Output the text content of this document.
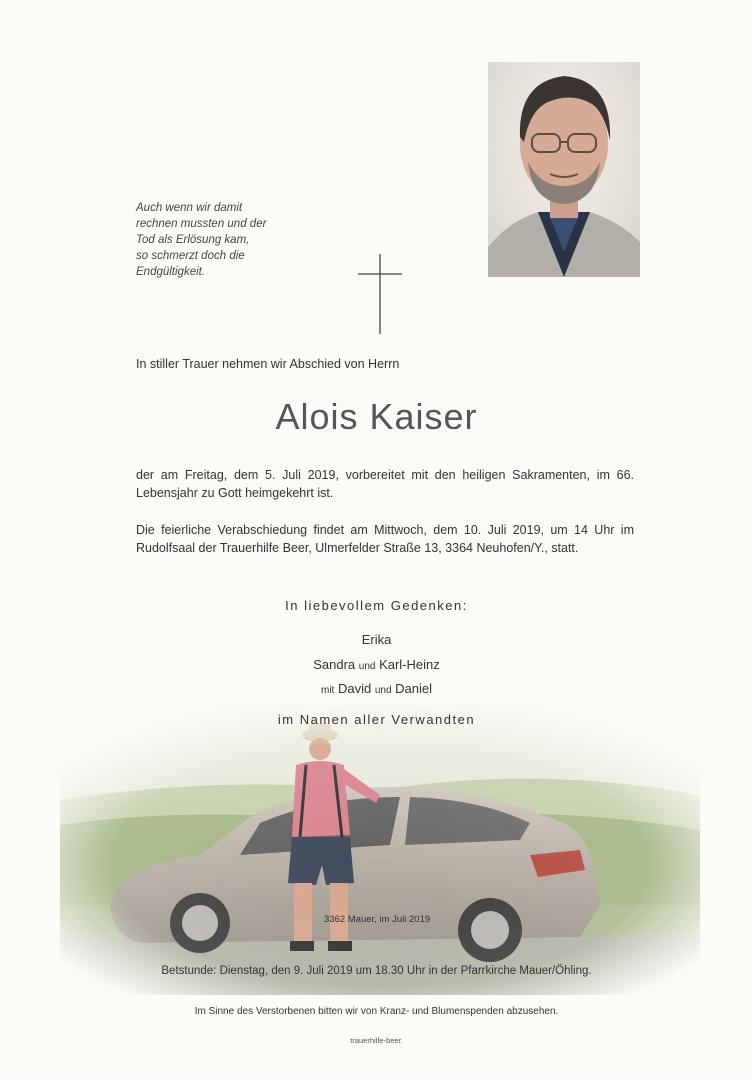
Auch wenn wir damit
rechnen mussten und der
Tod als Erlösung kam,
so schmerzt doch die
Endgültigkeit.
In stiller Trauer nehmen wir Abschied von Herrn
Alois Kaiser
der am Freitag, dem 5. Juli 2019, vorbereitet mit den heiligen Sakramenten, im 66. Lebensjahr zu Gott heimgekehrt ist.
Die feierliche Verabschiedung findet am Mittwoch, dem 10. Juli 2019, um 14 Uhr im Rudolfsaal der Trauerhilfe Beer, Ulmerfelder Straße 13, 3364 Neuhofen/Y., statt.
In liebevollem Gedenken:
Erika
Sandra und Karl-Heinz
mit David und Daniel
im Namen aller Verwandten
3362 Mauer, im Juli 2019
Betstunde: Dienstag, den 9. Juli 2019 um 18.30 Uhr in der Pfarrkirche Mauer/Öhling.
Im Sinne des Verstorbenen bitten wir von Kranz- und Blumenspenden abzusehen.
trauerhilfe-beer.
